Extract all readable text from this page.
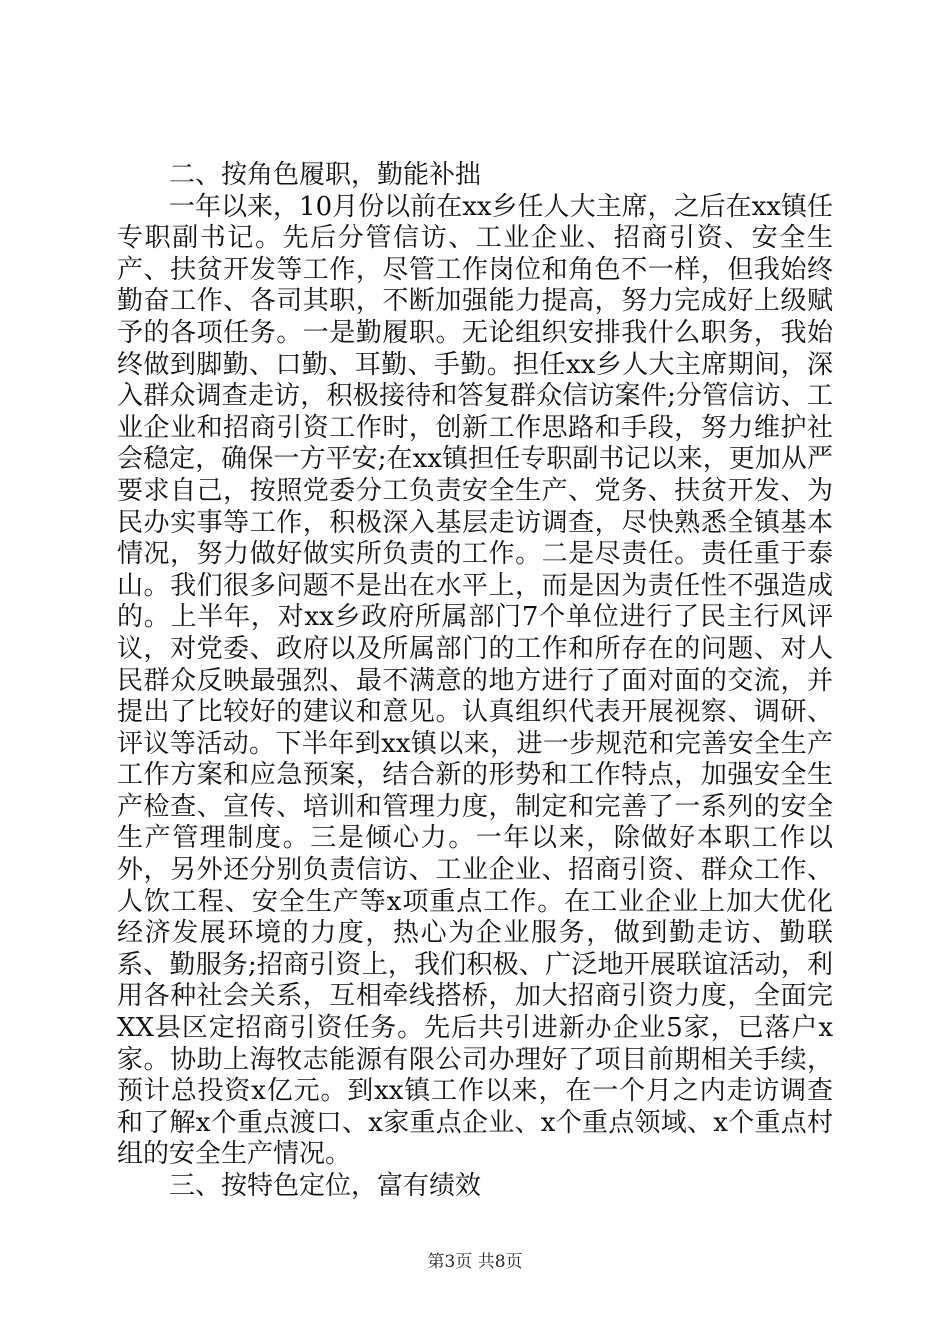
二、按角色履职，勤能补拙

一年以来，10月份以前在xx乡任人大主席，之后在xx镇任专职副书记。先后分管信访、工业企业、招商引资、安全生产、扶贫开发等工作，尽管工作岗位和角色不一样，但我始终勤奋工作、各司其职，不断加强能力提高，努力完成好上级赋予的各项任务。一是勤履职。无论组织安排我什么职务，我始终做到脚勤、口勤、耳勤、手勤。担任xx乡人大主席期间，深入群众调查走访，积极接待和答复群众信访案件;分管信访、工业企业和招商引资工作时，创新工作思路和手段，努力维护社会稳定，确保一方平安;在xx镇担任专职副书记以来，更加从严要求自己，按照党委分工负责安全生产、党务、扶贫开发、为民办实事等工作，积极深入基层走访调查，尽快熟悉全镇基本情况，努力做好做实所负责的工作。二是尽责任。责任重于泰山。我们很多问题不是出在水平上，而是因为责任性不强造成的。上半年，对xx乡政府所属部门7个单位进行了民主行风评议，对党委、政府以及所属部门的工作和所存在的问题、对人民群众反映最强烈、最不满意的地方进行了面对面的交流，并提出了比较好的建议和意见。认真组织代表开展视察、调研、评议等活动。下半年到xx镇以来，进一步规范和完善安全生产工作方案和应急预案，结合新的形势和工作特点，加强安全生产检查、宣传、培训和管理力度，制定和完善了一系列的安全生产管理制度。三是倾心力。一年以来，除做好本职工作以外，另外还分别负责信访、工业企业、招商引资、群众工作、人饮工程、安全生产等x项重点工作。在工业企业上加大优化经济发展环境的力度，热心为企业服务，做到勤走访、勤联系、勤服务;招商引资上，我们积极、广泛地开展联谊活动，利用各种社会关系，互相牵线搭桥，加大招商引资力度，全面完XX县区定招商引资任务。先后共引进新办企业5家，已落户x家。协助上海牧志能源有限公司办理好了项目前期相关手续，预计总投资x亿元。到xx镇工作以来，在一个月之内走访调查和了解x个重点渡口、x家重点企业、x个重点领域、x个重点村组的安全生产情况。

三、按特色定位，富有绩效

第3页 共8页
